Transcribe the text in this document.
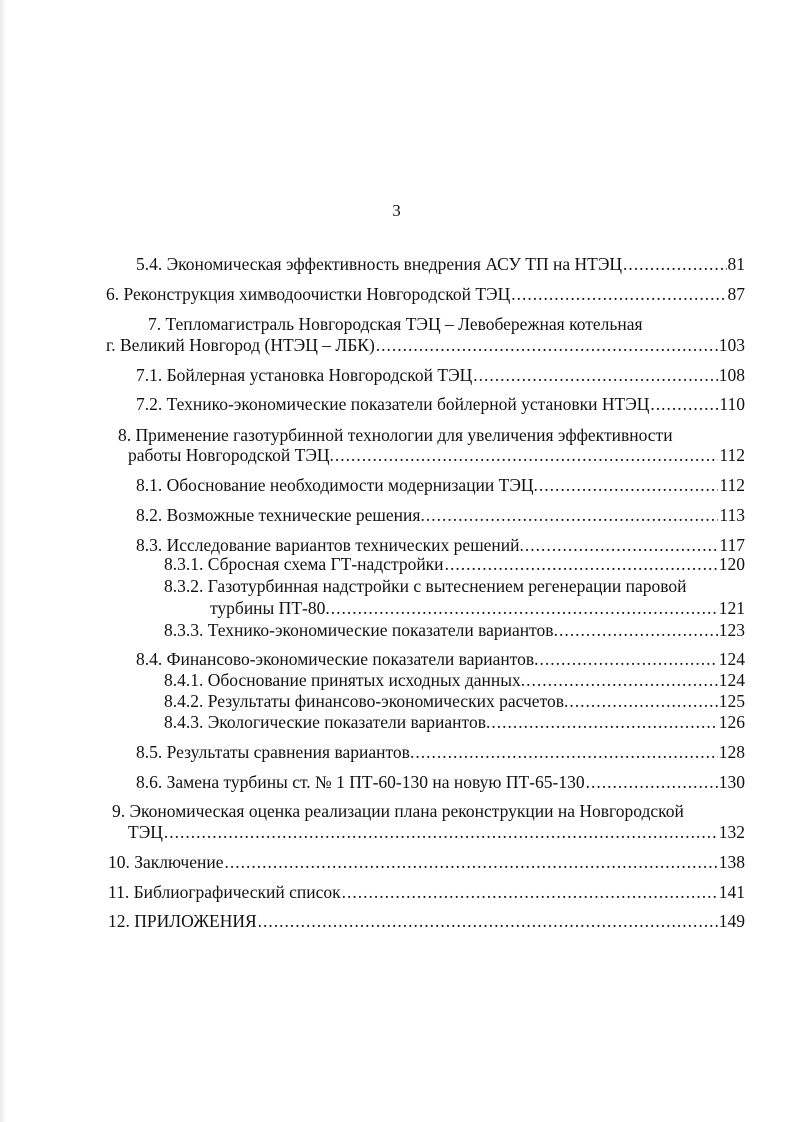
3
5.4. Экономическая эффективность внедрения АСУ ТП на НТЭЦ .....	81
6. Реконструкция химводоочистки Новгородской ТЭЦ .....	87
7. Тепломагистраль Новгородская ТЭЦ – Левобережная котельная
г. Великий Новгород (НТЭЦ – ЛБК) .....	103
7.1. Бойлерная установка Новгородской ТЭЦ .....	108
7.2. Технико-экономические показатели бойлерной установки НТЭЦ .....	110
8. Применение газотурбинной технологии для увеличения эффективности
работы Новгородской ТЭЦ. .....	112
8.1. Обоснование необходимости модернизации ТЭЦ. .....	112
8.2. Возможные технические решения. .....	113
8.3. Исследование вариантов технических решений. .....	117
8.3.1. Сбросная схема ГТ-надстройки .....	120
8.3.2. Газотурбинная надстройки с вытеснением регенерации паровой
турбины ПТ-80. .....	121
8.3.3. Технико-экономические показатели вариантов. .....	123
8.4. Финансово-экономические показатели вариантов. .....	124
8.4.1. Обоснование принятых исходных данных. .....	124
8.4.2. Результаты финансово-экономических расчетов. .....	125
8.4.3. Экологические показатели вариантов. .....	126
8.5. Результаты сравнения вариантов. .....	128
8.6. Замена турбины ст. № 1 ПТ-60-130 на новую ПТ-65-130 .....	130
9. Экономическая оценка реализации плана реконструкции на Новгородской
ТЭЦ .....	132
10. Заключение .....	138
11. Библиографический список .....	141
12. ПРИЛОЖЕНИЯ .....	149
